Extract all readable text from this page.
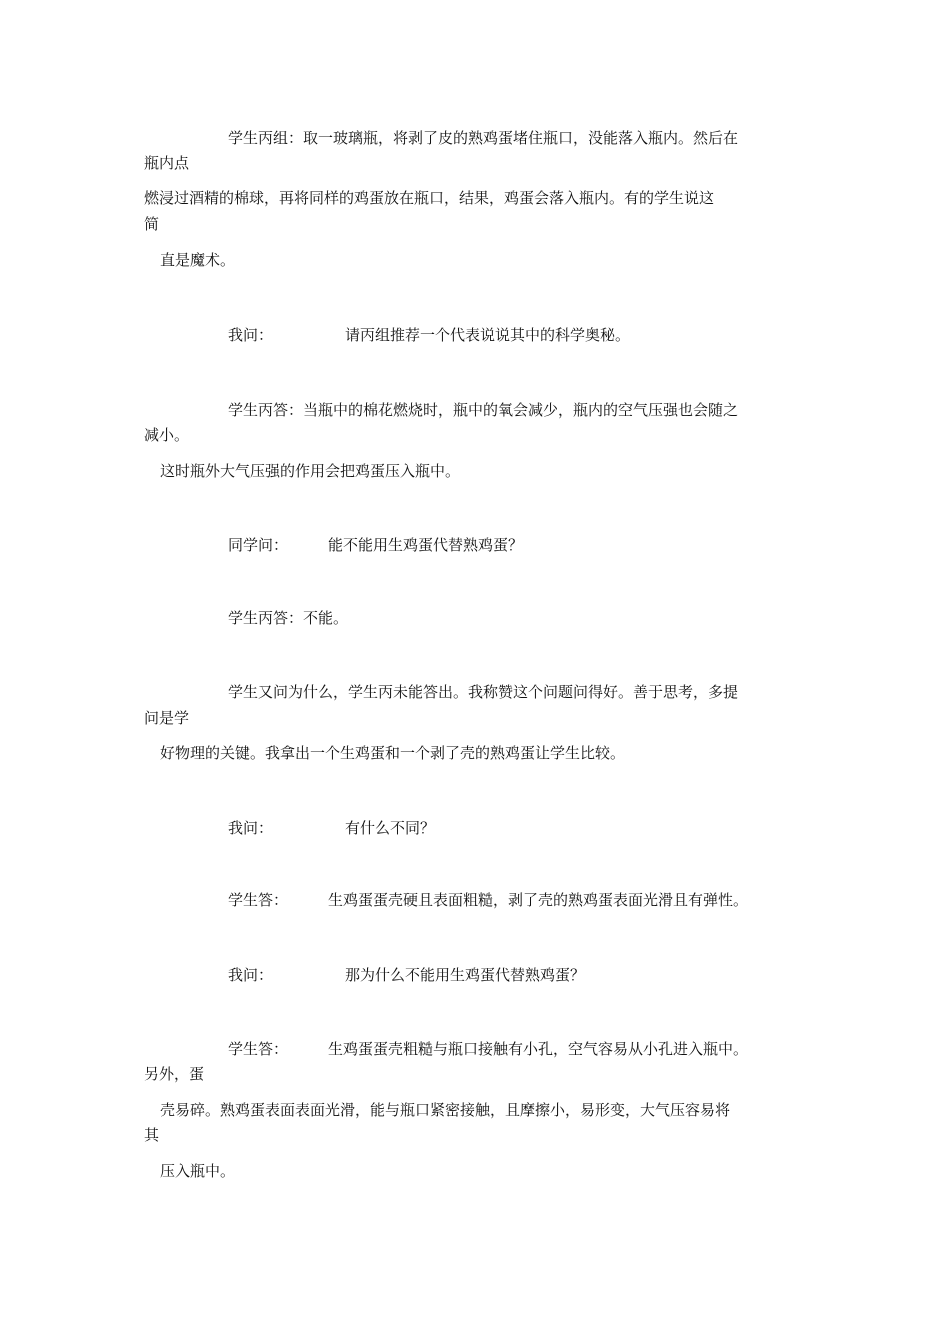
学生丙组：取一玻璃瓶，将剥了皮的熟鸡蛋堵住瓶口，没能落入瓶内。然后在
瓶内点
燃浸过酒精的棉球，再将同样的鸡蛋放在瓶口，结果，鸡蛋会落入瓶内。有的学生说这
简
直是魔术。
我问：	请丙组推荐一个代表说说其中的科学奥秘。
学生丙答：当瓶中的棉花燃烧时，瓶中的氧会减少，瓶内的空气压强也会随之
减小。
这时瓶外大气压强的作用会把鸡蛋压入瓶中。
同学问：	能不能用生鸡蛋代替熟鸡蛋？
学生丙答：不能。
学生又问为什么，学生丙未能答出。我称赞这个问题问得好。善于思考，多提
问是学
好物理的关键。我拿出一个生鸡蛋和一个剥了壳的熟鸡蛋让学生比较。
我问：	有什么不同？
学生答：	生鸡蛋蛋壳硬且表面粗糙，剥了壳的熟鸡蛋表面光滑且有弹性。
我问：	那为什么不能用生鸡蛋代替熟鸡蛋？
学生答：	生鸡蛋蛋壳粗糙与瓶口接触有小孔，空气容易从小孔进入瓶中。
另外，蛋
壳易碎。熟鸡蛋表面表面光滑，能与瓶口紧密接触，且摩擦小，易形变，大气压容易将
其
压入瓶中。
